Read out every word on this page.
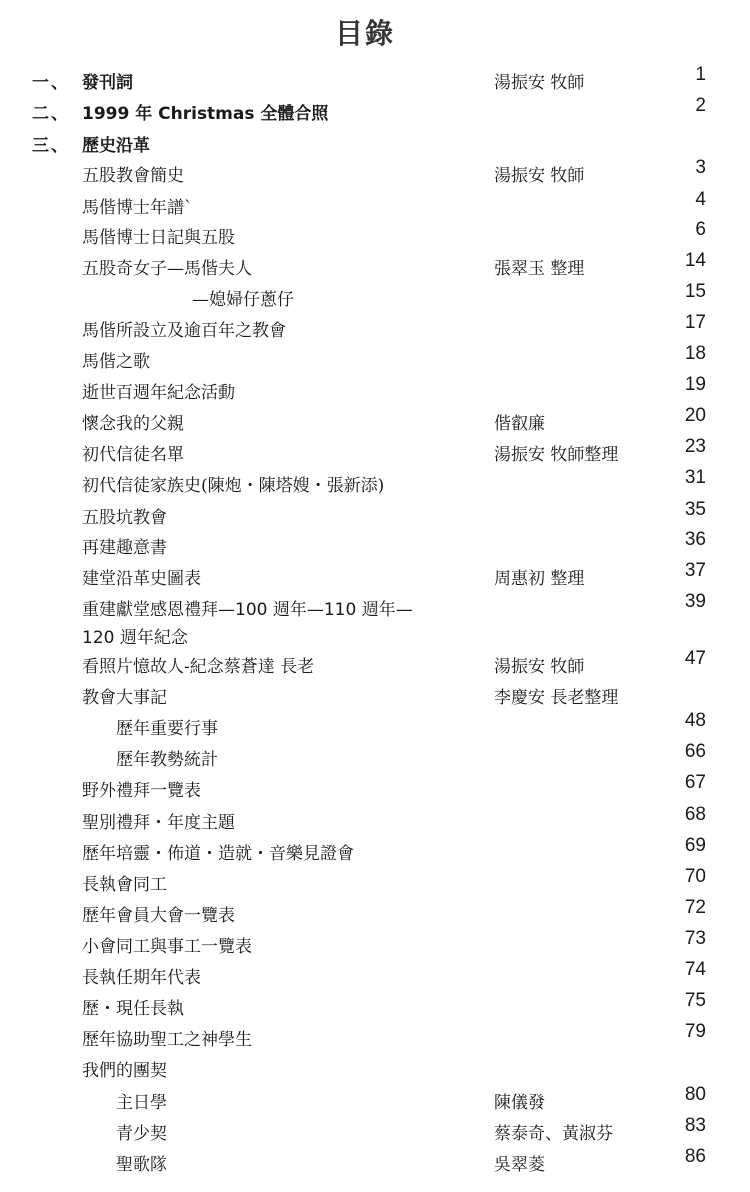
目錄
一、 發刊詞	湯振安 牧師	1
二、 1999 年 Christmas 全體合照	2
三、 歷史沿革
五股教會簡史	湯振安 牧師	3
馬偕博士年譜`	4
馬偕博士日記與五股	6
五股奇女子—馬偕夫人	張翠玉 整理	14
—媳婦仔蔥仔	15
馬偕所設立及逾百年之教會	17
馬偕之歌	18
逝世百週年紀念活動	19
懷念我的父親	偕叡廉	20
初代信徒名單	湯振安 牧師整理	23
初代信徒家族史(陳炮・陳塔嫂・張新添)	31
五股坑教會	35
再建趣意書	36
建堂沿革史圖表	周惠初 整理	37
重建獻堂感恩禮拜—100 週年—110 週年—	39
120 週年紀念
看照片憶故人-紀念蔡蒼達 長老	湯振安 牧師	47
教會大事記	李慶安 長老整理
歷年重要行事	48
歷年教勢統計	66
野外禮拜一覽表	67
聖別禮拜・年度主題	68
歷年培靈・佈道・造就・音樂見證會	69
長執會同工	70
歷年會員大會一覽表	72
小會同工與事工一覽表	73
長執任期年代表	74
歷・現任長執	75
歷年協助聖工之神學生	79
我們的團契
主日學	陳儀發	80
青少契	蔡泰奇、黃淑芬	83
聖歌隊	吳翠菱	86
